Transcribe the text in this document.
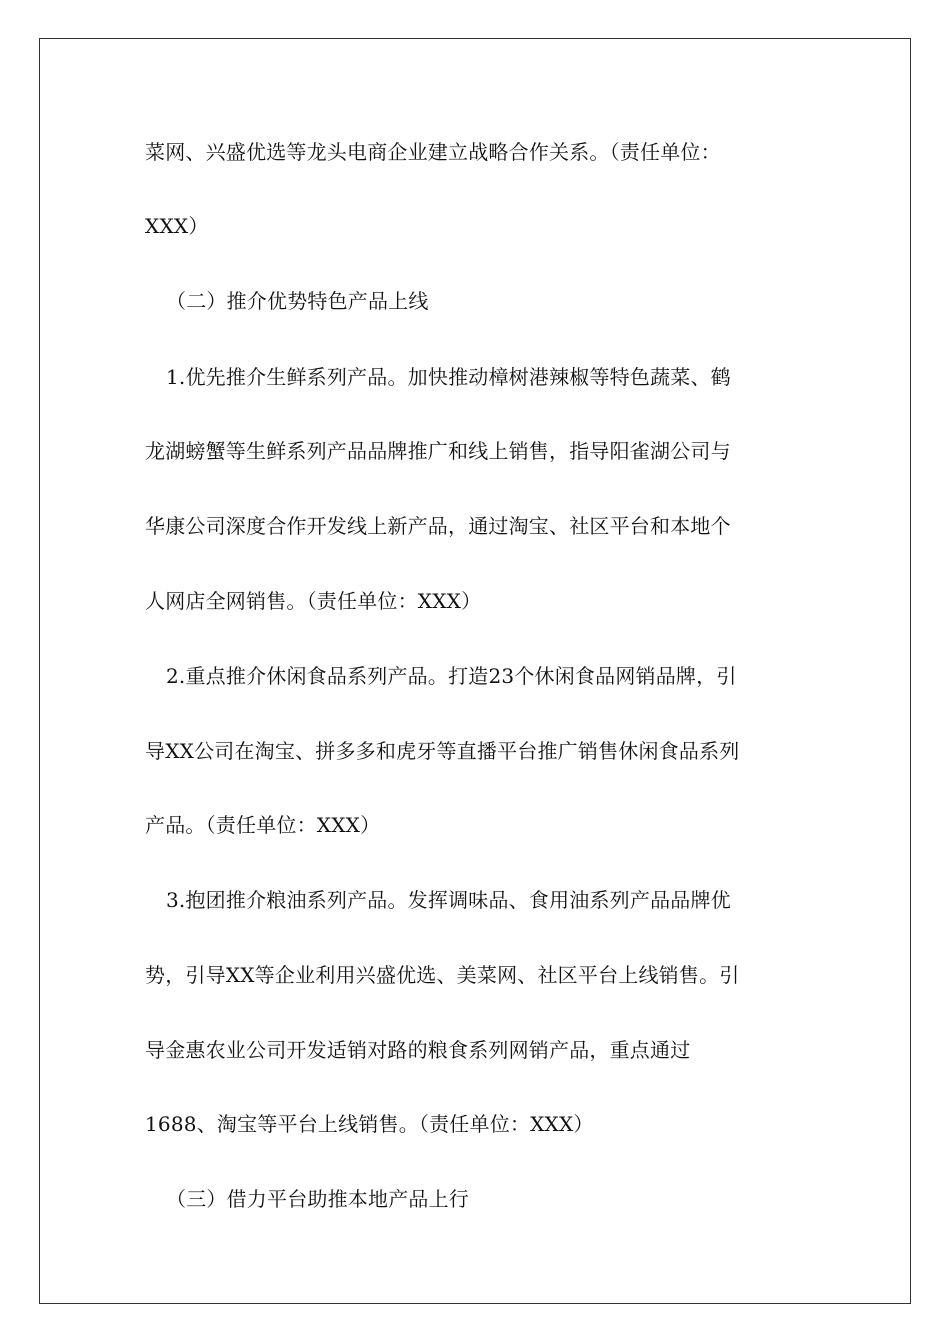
菜网、兴盛优选等龙头电商企业建立战略合作关系。（责任单位：
XXX）
（二）推介优势特色产品上线
1.优先推介生鲜系列产品。加快推动樟树港辣椒等特色蔬菜、鹤
龙湖螃蟹等生鲜系列产品品牌推广和线上销售，指导阳雀湖公司与
华康公司深度合作开发线上新产品，通过淘宝、社区平台和本地个
人网店全网销售。（责任单位：XXX）
2.重点推介休闲食品系列产品。打造23个休闲食品网销品牌，引
导XX公司在淘宝、拼多多和虎牙等直播平台推广销售休闲食品系列
产品。（责任单位：XXX）
3.抱团推介粮油系列产品。发挥调味品、食用油系列产品品牌优
势，引导XX等企业利用兴盛优选、美菜网、社区平台上线销售。引
导金惠农业公司开发适销对路的粮食系列网销产品，重点通过
1688、淘宝等平台上线销售。（责任单位：XXX）
（三）借力平台助推本地产品上行
